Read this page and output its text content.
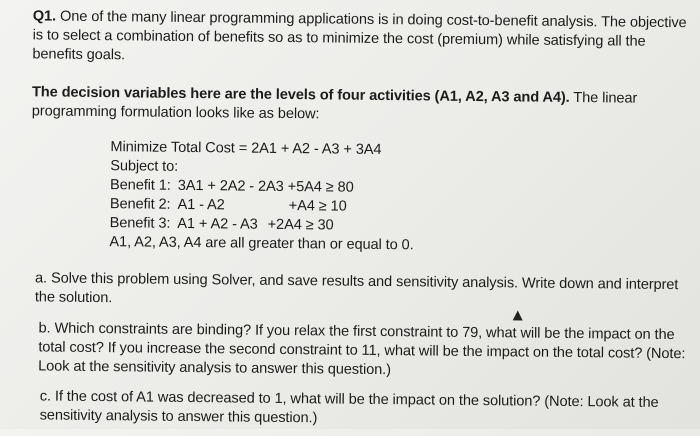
Q1. One of the many linear programming applications is in doing cost-to-benefit analysis. The objective
is to select a combination of benefits so as to minimize the cost (premium) while satisfying all the
benefits goals.
The decision variables here are the levels of four activities (A1, A2, A3 and A4). The linear
programming formulation looks like as below:
Minimize Total Cost = 2A1 + A2 - A3 + 3A4
Subject to:
Benefit 1: 3A1 + 2A2 - 2A3 +5A4 ≥ 80
Benefit 2: A1 - A2	+A4 ≥ 10
Benefit 3: A1 + A2 - A3 +2A4 ≥ 30
A1, A2, A3, A4 are all greater than or equal to 0.
a. Solve this problem using Solver, and save results and sensitivity analysis. Write down and interpret
the solution.
b. Which constraints are binding? If you relax the first constraint to 79, what will be the impact on the
total cost? If you increase the second constraint to 11, what will be the impact on the total cost? (Note:
Look at the sensitivity analysis to answer this question.)
c. If the cost of A1 was decreased to 1, what will be the impact on the solution? (Note: Look at the
sensitivity analysis to answer this question.)
